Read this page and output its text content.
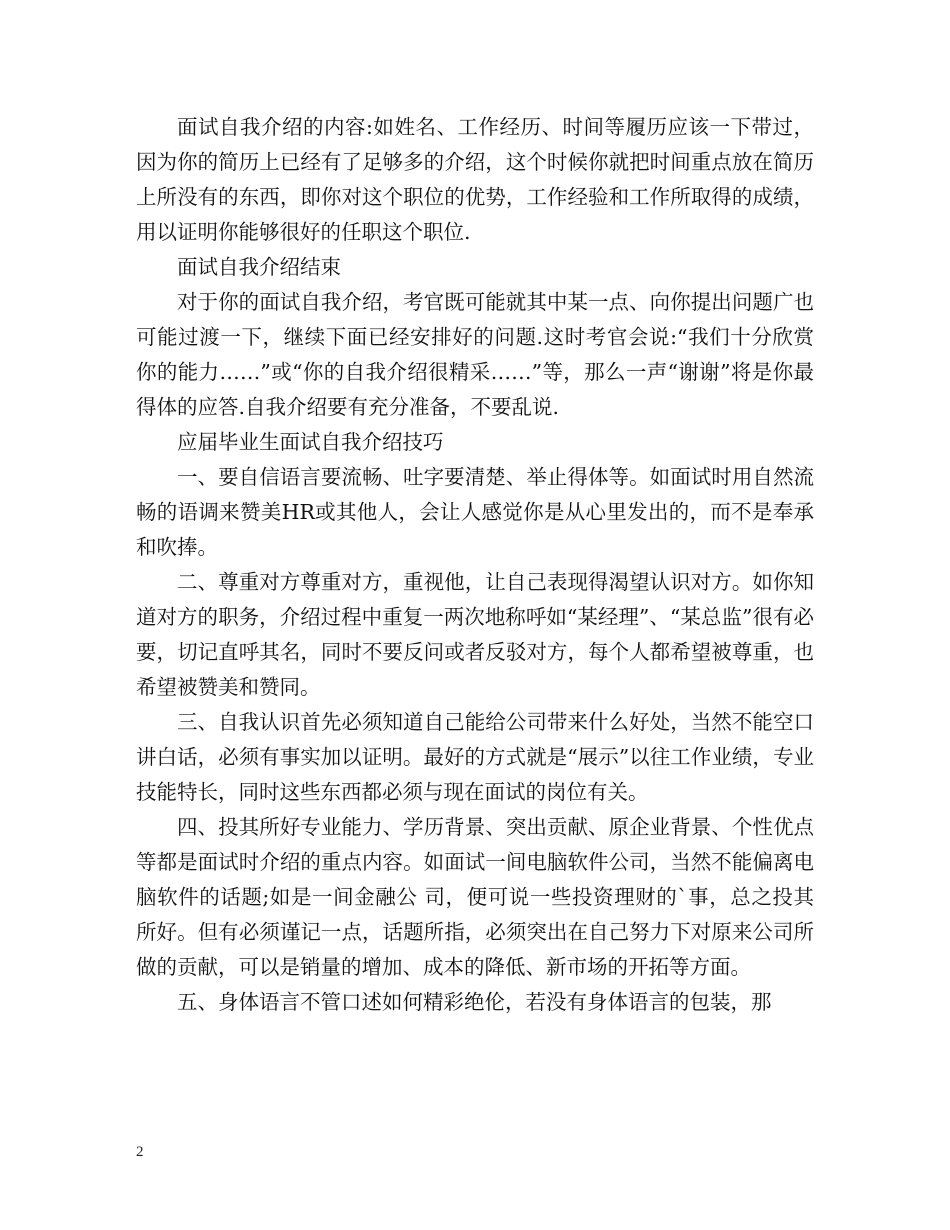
面试自我介绍的内容:如姓名、工作经历、时间等履历应该一下带过，因为你的简历上已经有了足够多的介绍，这个时候你就把时间重点放在简历上所没有的东西，即你对这个职位的优势，工作经验和工作所取得的成绩，用以证明你能够很好的任职这个职位.

面试自我介绍结束

对于你的面试自我介绍，考官既可能就其中某一点、向你提出问题广也可能过渡一下，继续下面已经安排好的问题.这时考官会说:“我们十分欣赏你的能力……”或“你的自我介绍很精采……”等，那么一声“谢谢”将是你最得体的应答.自我介绍要有充分准备，不要乱说.

应届毕业生面试自我介绍技巧

一、要自信语言要流畅、吐字要清楚、举止得体等。如面试时用自然流畅的语调来赞美HR或其他人，会让人感觉你是从心里发出的，而不是奉承和吹捧。

二、尊重对方尊重对方，重视他，让自己表现得渴望认识对方。如你知道对方的职务，介绍过程中重复一两次地称呼如“某经理”、“某总监”很有必要，切记直呼其名，同时不要反问或者反驳对方，每个人都希望被尊重，也希望被赞美和赞同。

三、自我认识首先必须知道自己能给公司带来什么好处，当然不能空口讲白话，必须有事实加以证明。最好的方式就是“展示”以往工作业绩，专业技能特长，同时这些东西都必须与现在面试的岗位有关。

四、投其所好专业能力、学历背景、突出贡献、原企业背景、个性优点等都是面试时介绍的重点内容。如面试一间电脑软件公司，当然不能偏离电脑软件的话题;如是一间金融公 司，便可说一些投资理财的`事，总之投其所好。但有必须谨记一点，话题所指，必须突出在自己努力下对原来公司所做的贡献，可以是销量的增加、成本的降低、新市场的开拓等方面。

五、身体语言不管口述如何精彩绝伦，若没有身体语言的包装，那

2
